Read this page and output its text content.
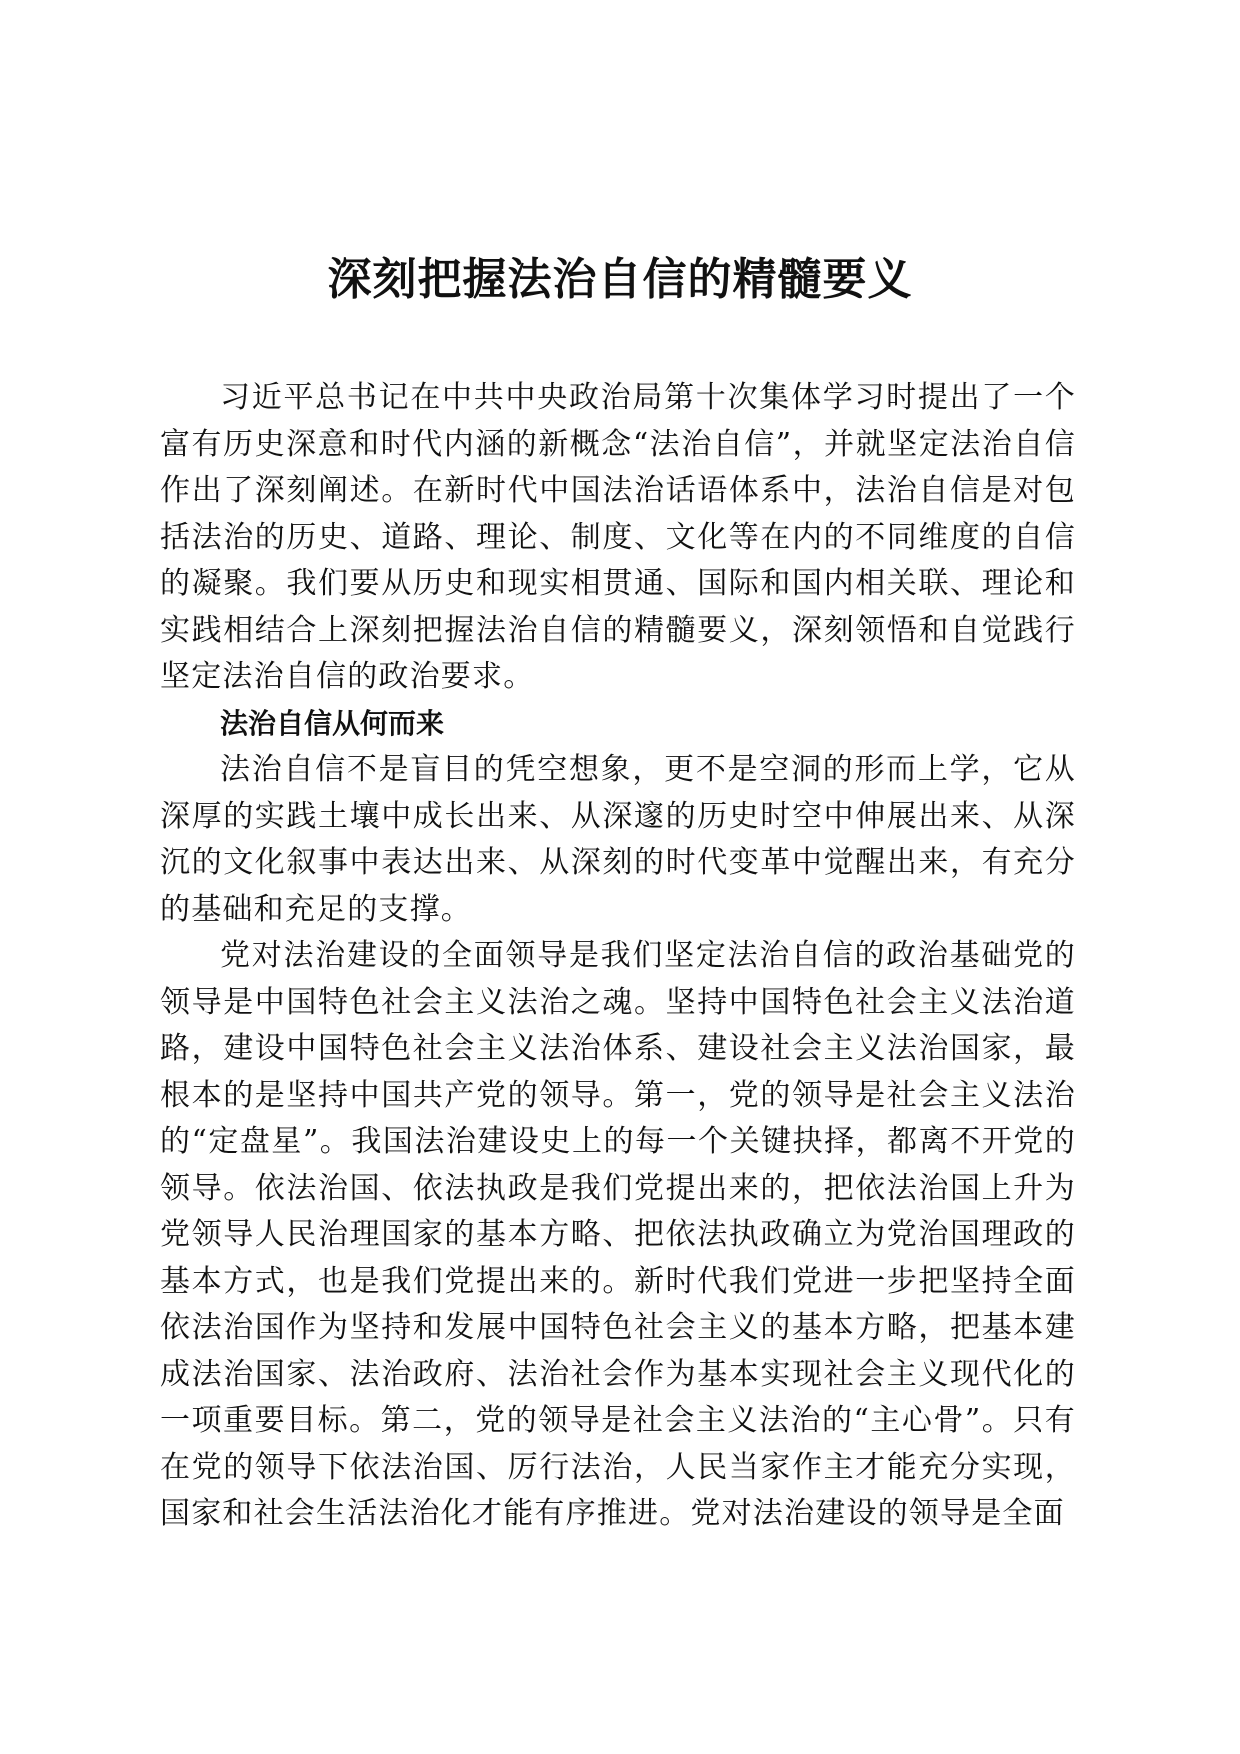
深刻把握法治自信的精髓要义

习近平总书记在中共中央政治局第十次集体学习时提出了一个富有历史深意和时代内涵的新概念“法治自信”，并就坚定法治自信作出了深刻阐述。在新时代中国法治话语体系中，法治自信是对包括法治的历史、道路、理论、制度、文化等在内的不同维度的自信的凝聚。我们要从历史和现实相贯通、国际和国内相关联、理论和实践相结合上深刻把握法治自信的精髓要义，深刻领悟和自觉践行坚定法治自信的政治要求。

法治自信从何而来

法治自信不是盲目的凭空想象，更不是空洞的形而上学，它从深厚的实践土壤中成长出来、从深邃的历史时空中伸展出来、从深沉的文化叙事中表达出来、从深刻的时代变革中觉醒出来，有充分的基础和充足的支撑。

党对法治建设的全面领导是我们坚定法治自信的政治基础党的领导是中国特色社会主义法治之魂。坚持中国特色社会主义法治道路，建设中国特色社会主义法治体系、建设社会主义法治国家，最根本的是坚持中国共产党的领导。第一，党的领导是社会主义法治的“定盘星”。我国法治建设史上的每一个关键抉择，都离不开党的领导。依法治国、依法执政是我们党提出来的，把依法治国上升为党领导人民治理国家的基本方略、把依法执政确立为党治国理政的基本方式，也是我们党提出来的。新时代我们党进一步把坚持全面依法治国作为坚持和发展中国特色社会主义的基本方略，把基本建成法治国家、法治政府、法治社会作为基本实现社会主义现代化的一项重要目标。第二，党的领导是社会主义法治的“主心骨”。只有在党的领导下依法治国、厉行法治，人民当家作主才能充分实现，国家和社会生活法治化才能有序推进。党对法治建设的领导是全面
